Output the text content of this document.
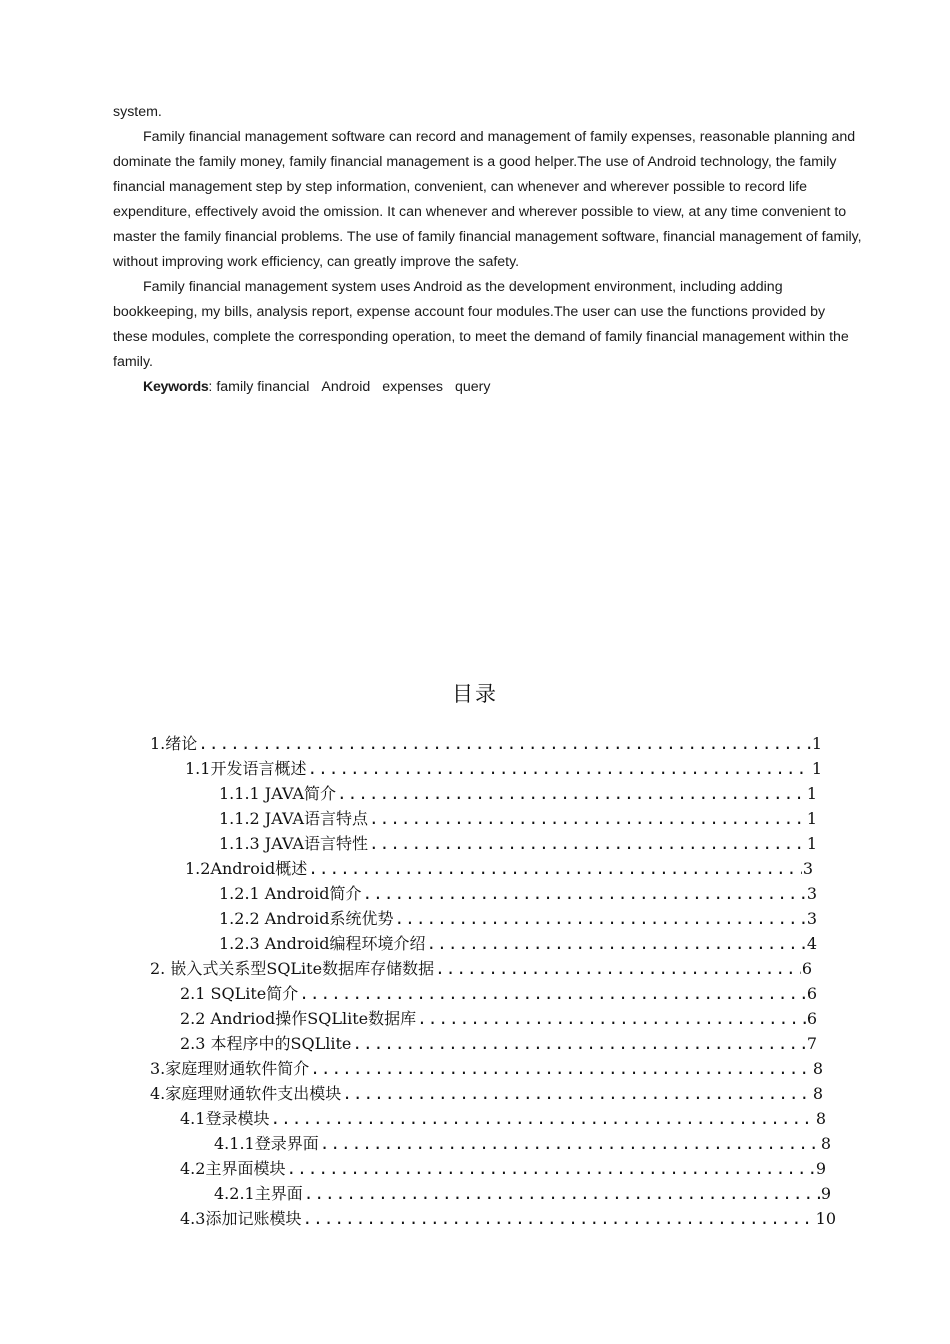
system.

Family financial management software can record and management of family expenses, reasonable planning and dominate the family money, family financial management is a good helper.The use of Android technology, the family financial management step by step information, convenient, can whenever and wherever possible to record life expenditure, effectively avoid the omission. It can whenever and wherever possible to view, at any time convenient to master the family financial problems. The use of family financial management software, financial management of family, without improving work efficiency, can greatly improve the safety.

Family financial management system uses Android as the development environment, including adding bookkeeping, my bills, analysis report, expense account four modules.The user can use the functions provided by these modules, complete the corresponding operation, to meet the demand of family financial management within the family.

Keywords: family financial Android expenses query

目录
1.绪论 .....	1
1.1开发语言概述 .....	1
1.1.1 JAVA简介 .....	1
1.1.2 JAVA语言特点 .....	1
1.1.3 JAVA语言特性 .....	1
1.2Android概述 .....	3
1.2.1 Android简介 .....	3
1.2.2 Android系统优势 .....	3
1.2.3 Android编程环境介绍 .....	4
2. 嵌入式关系型SQLite数据库存储数据 .....	6
2.1 SQLite简介 .....	6
2.2 Andriod操作SQLlite数据库 .....	6
2.3 本程序中的SQLlite .....	7
3.家庭理财通软件简介 .....	8
4.家庭理财通软件支出模块 .....	8
4.1登录模块 .....	8
4.1.1登录界面 .....	8
4.2主界面模块 .....	9
4.2.1主界面 .....	9
4.3添加记账模块 .....	10
